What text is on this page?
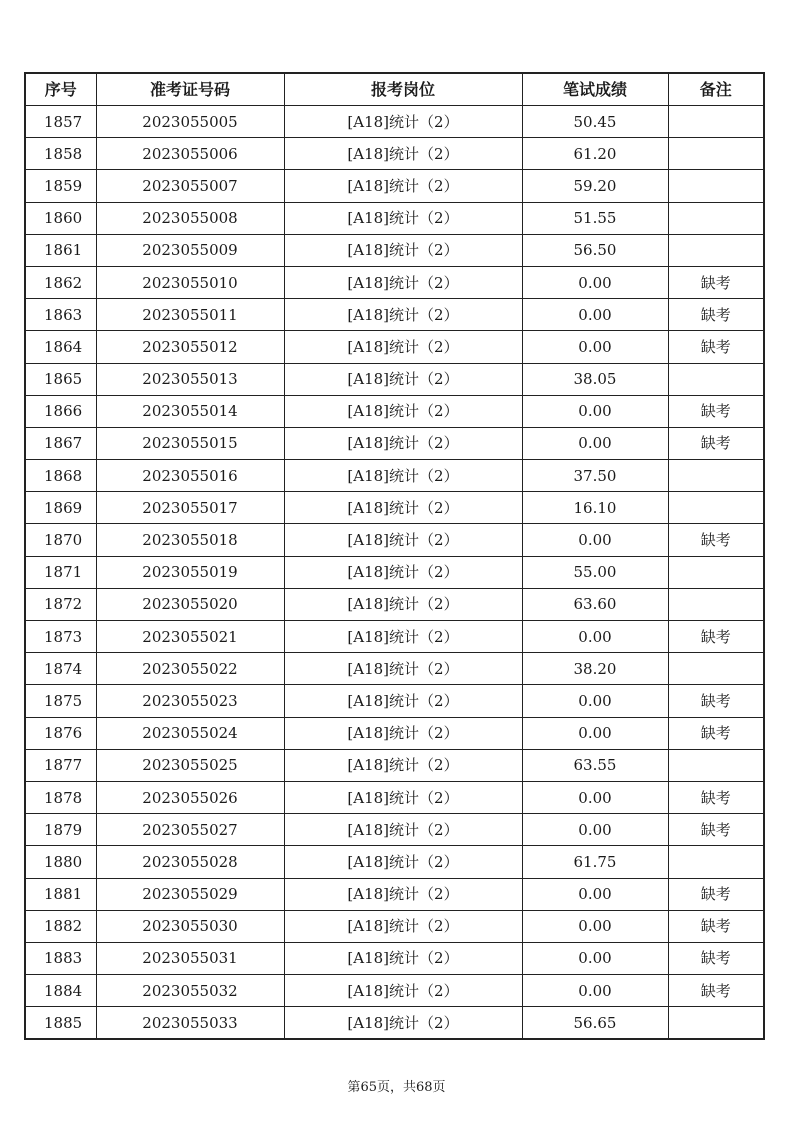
序号	准考证号码	报考岗位	笔试成绩	备注
1857	2023055005	[A18]统计（2）	50.45	
1858	2023055006	[A18]统计（2）	61.20	
1859	2023055007	[A18]统计（2）	59.20	
1860	2023055008	[A18]统计（2）	51.55	
1861	2023055009	[A18]统计（2）	56.50	
1862	2023055010	[A18]统计（2）	0.00	缺考
1863	2023055011	[A18]统计（2）	0.00	缺考
1864	2023055012	[A18]统计（2）	0.00	缺考
1865	2023055013	[A18]统计（2）	38.05	
1866	2023055014	[A18]统计（2）	0.00	缺考
1867	2023055015	[A18]统计（2）	0.00	缺考
1868	2023055016	[A18]统计（2）	37.50	
1869	2023055017	[A18]统计（2）	16.10	
1870	2023055018	[A18]统计（2）	0.00	缺考
1871	2023055019	[A18]统计（2）	55.00	
1872	2023055020	[A18]统计（2）	63.60	
1873	2023055021	[A18]统计（2）	0.00	缺考
1874	2023055022	[A18]统计（2）	38.20	
1875	2023055023	[A18]统计（2）	0.00	缺考
1876	2023055024	[A18]统计（2）	0.00	缺考
1877	2023055025	[A18]统计（2）	63.55	
1878	2023055026	[A18]统计（2）	0.00	缺考
1879	2023055027	[A18]统计（2）	0.00	缺考
1880	2023055028	[A18]统计（2）	61.75	
1881	2023055029	[A18]统计（2）	0.00	缺考
1882	2023055030	[A18]统计（2）	0.00	缺考
1883	2023055031	[A18]统计（2）	0.00	缺考
1884	2023055032	[A18]统计（2）	0.00	缺考
1885	2023055033	[A18]统计（2）	56.65	
第65页，共68页
